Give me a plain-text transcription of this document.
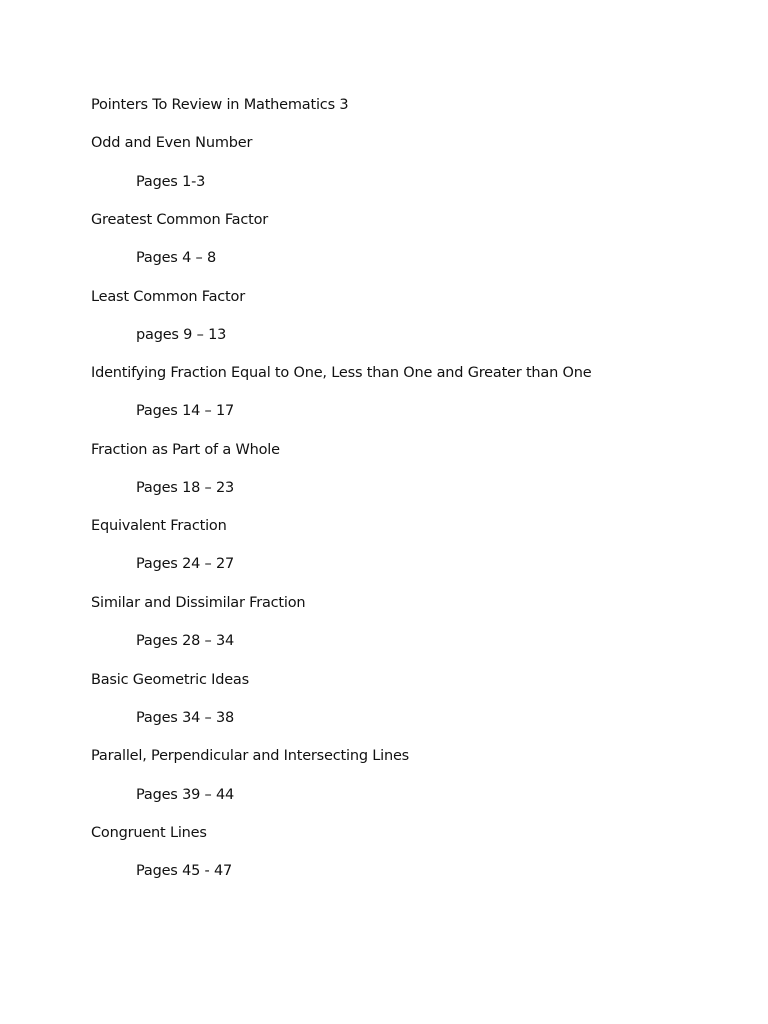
Pointers To Review in Mathematics 3
Odd and Even Number
Pages 1-3
Greatest Common Factor
Pages 4 – 8
Least Common Factor
pages 9 – 13
Identifying Fraction Equal to One, Less than One and Greater than One
Pages 14 – 17
Fraction as Part of a Whole
Pages 18 – 23
Equivalent Fraction
Pages 24 – 27
Similar and Dissimilar Fraction
Pages 28 – 34
Basic Geometric Ideas
Pages 34 – 38
Parallel, Perpendicular and Intersecting Lines
Pages 39 – 44
Congruent Lines
Pages 45 - 47
